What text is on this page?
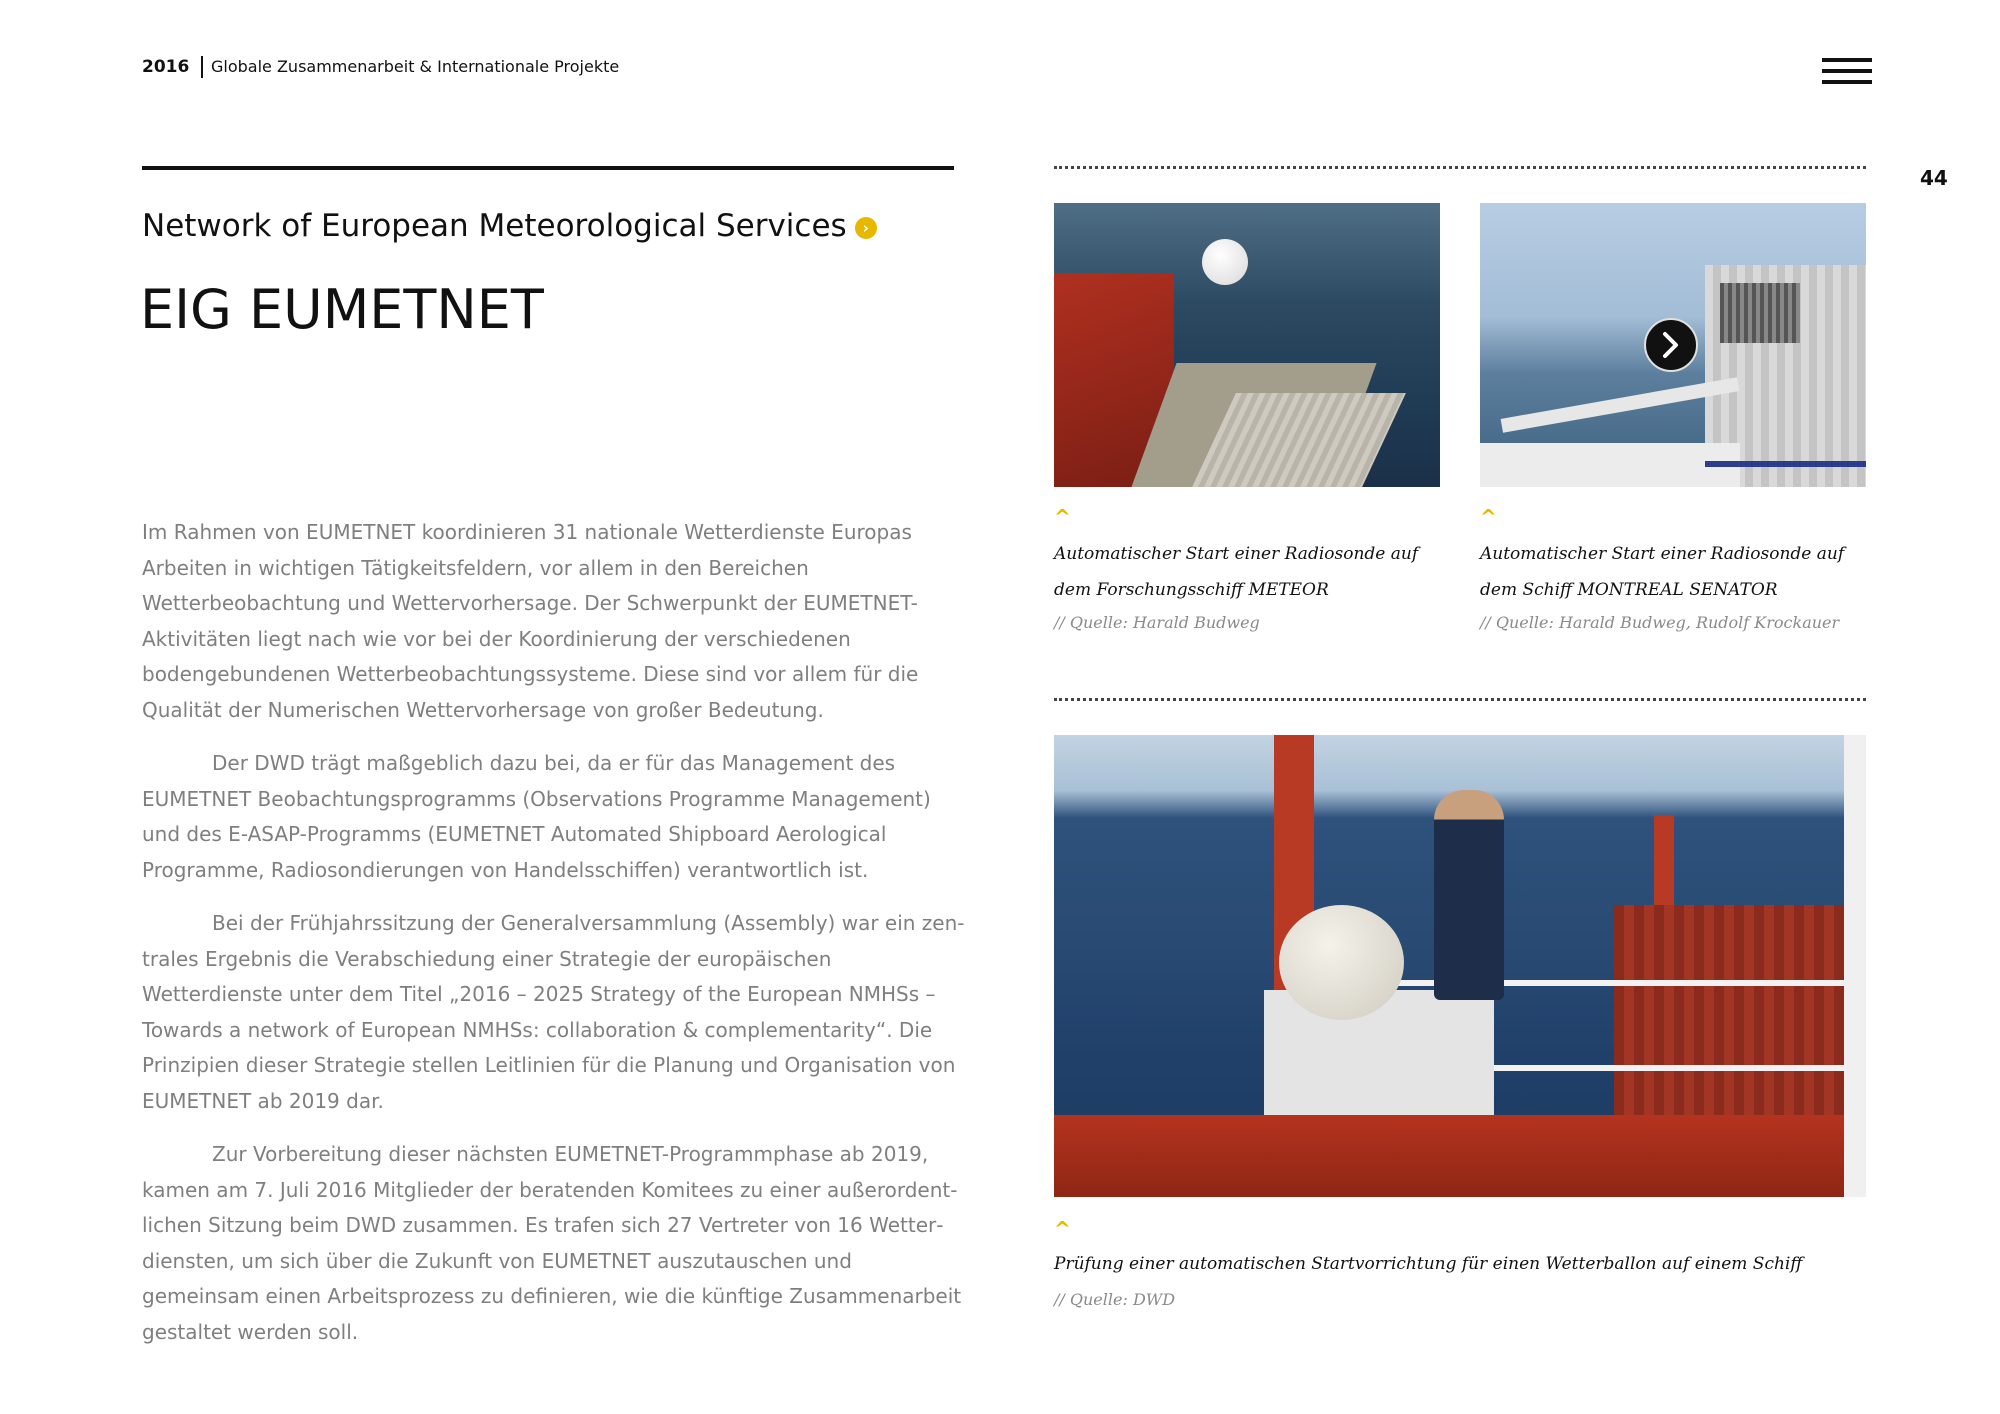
2016 Globale Zusammenarbeit & Internationale Projekte
44
Network of European Meteorological Services ›
EIG EUMETNET

Im Rahmen von EUMETNET koordinieren 31 nationale Wetterdienste Europas Arbeiten in wichtigen Tätigkeitsfeldern, vor allem in den Bereichen Wetterbeobachtung und Wettervorhersage. Der Schwerpunkt der EUMETNET-Aktivitäten liegt nach wie vor bei der Koordinierung der verschiedenen bodengebundenen Wetterbeobachtungssysteme. Diese sind vor allem für die Qualität der Numerischen Wettervorhersage von großer Bedeutung.

Der DWD trägt maßgeblich dazu bei, da er für das Management des EUMETNET Beobachtungsprogramms (Observations Programme Management) und des E-ASAP-Programms (EUMETNET Automated Shipboard Aerological Programme, Radiosondierungen von Handelsschiffen) verantwortlich ist.

Bei der Frühjahrssitzung der Generalversammlung (Assembly) war ein zentrales Ergebnis die Verabschiedung einer Strategie der europäischen Wetterdienste unter dem Titel „2016 – 2025 Strategy of the European NMHSs – Towards a network of European NMHSs: collaboration & complementarity“. Die Prinzipien dieser Strategie stellen Leitlinien für die Planung und Organisation von EUMETNET ab 2019 dar.

Zur Vorbereitung dieser nächsten EUMETNET-Programmphase ab 2019, kamen am 7. Juli 2016 Mitglieder der beratenden Komitees zu einer außerordentlichen Sitzung beim DWD zusammen. Es trafen sich 27 Vertreter von 16 Wetterdiensten, um sich über die Zukunft von EUMETNET auszutauschen und gemeinsam einen Arbeitsprozess zu definieren, wie die künftige Zusammenarbeit gestaltet werden soll.

^	^
Automatischer Start einer Radiosonde auf dem Forschungsschiff METEOR
// Quelle: Harald Budweg
Automatischer Start einer Radiosonde auf dem Schiff MONTREAL SENATOR
// Quelle: Harald Budweg, Rudolf Krockauer
^
Prüfung einer automatischen Startvorrichtung für einen Wetterballon auf einem Schiff
// Quelle: DWD
